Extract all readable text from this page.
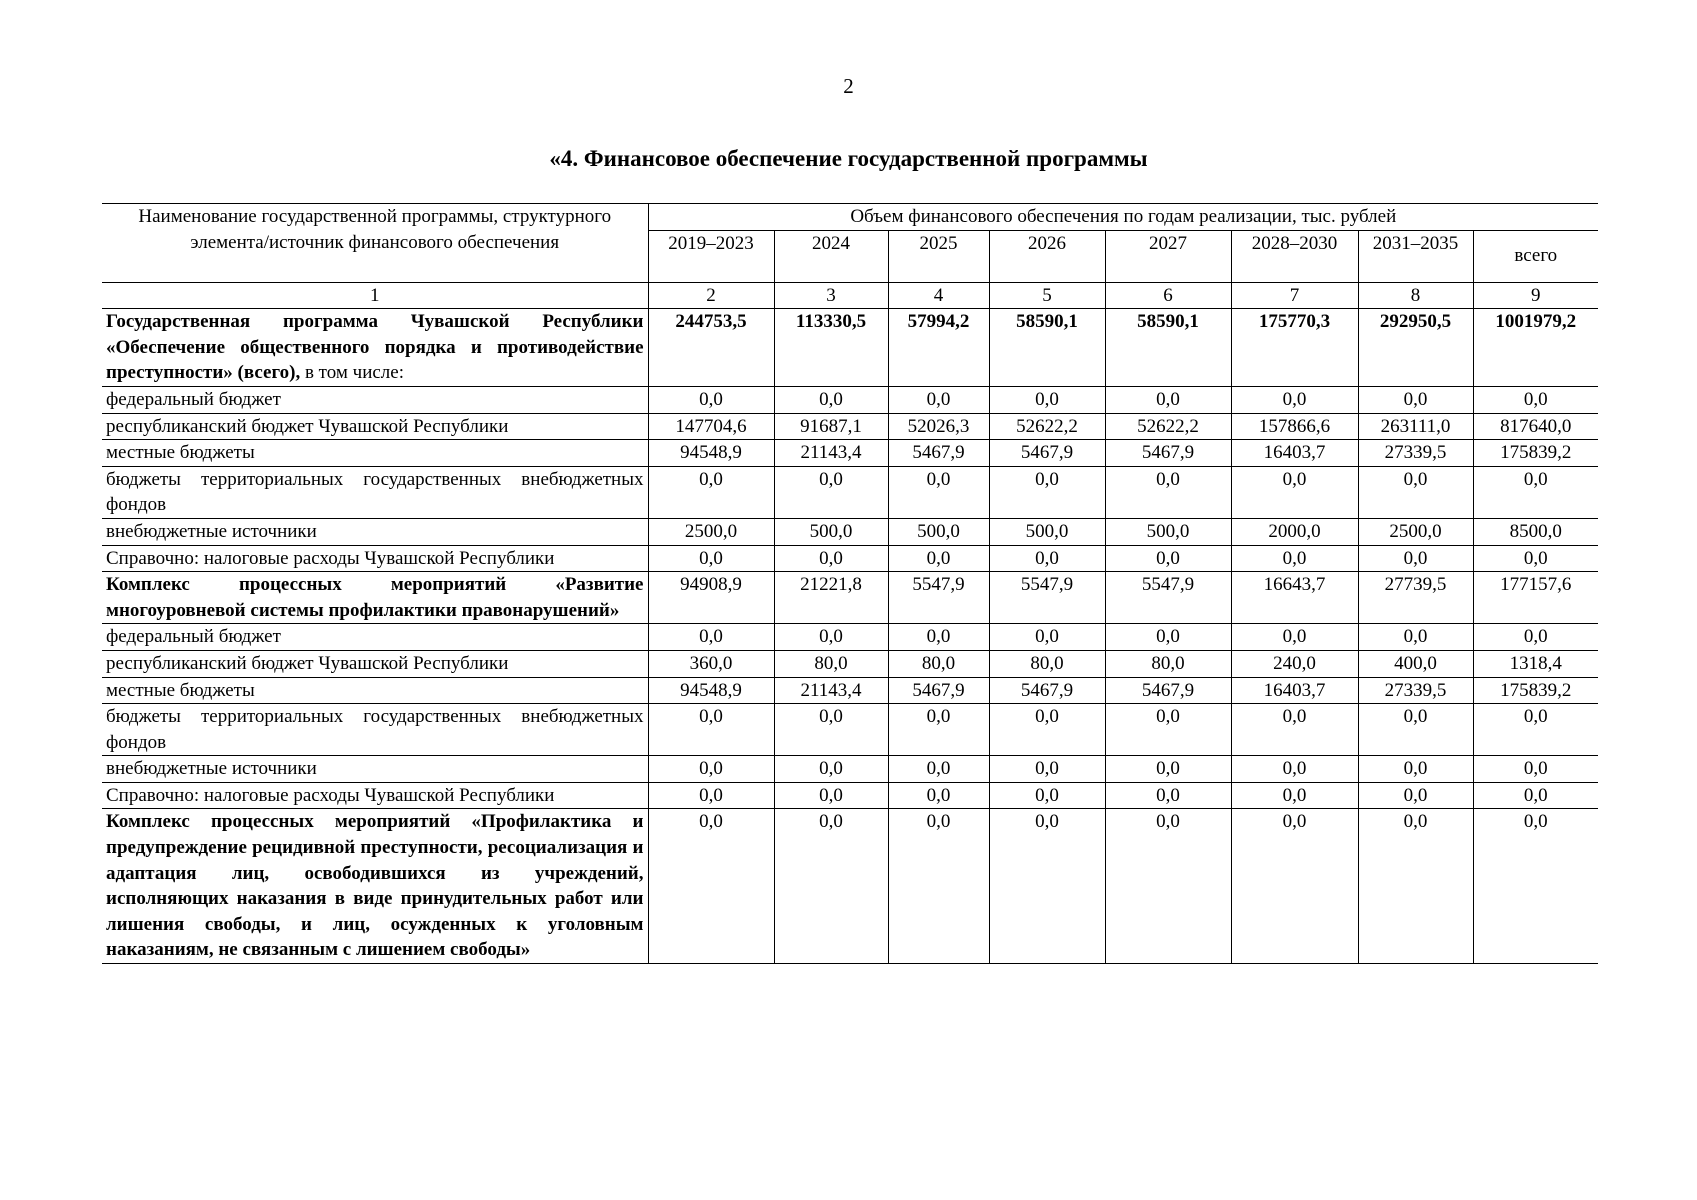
2
«4. Финансовое обеспечение государственной программы
Наименование государственной программы, структурного элемента/источник финансового обеспечения	Объем финансового обеспечения по годам реализации, тыс. рублей							
	2019–2023	2024	2025	2026	2027	2028–2030	2031–2035	всего
1	2	3	4	5	6	7	8	9
Государственная программа Чувашской Республики «Обеспечение общественного порядка и противодействие преступности» (всего), в том числе:	244753,5	113330,5	57994,2	58590,1	58590,1	175770,3	292950,5	1001979,2
федеральный бюджет	0,0	0,0	0,0	0,0	0,0	0,0	0,0	0,0
республиканский бюджет Чувашской Республики	147704,6	91687,1	52026,3	52622,2	52622,2	157866,6	263111,0	817640,0
местные бюджеты	94548,9	21143,4	5467,9	5467,9	5467,9	16403,7	27339,5	175839,2
бюджеты территориальных государственных внебюджетных фондов	0,0	0,0	0,0	0,0	0,0	0,0	0,0	0,0
внебюджетные источники	2500,0	500,0	500,0	500,0	500,0	2000,0	2500,0	8500,0
Справочно: налоговые расходы Чувашской Республики	0,0	0,0	0,0	0,0	0,0	0,0	0,0	0,0
Комплекс процессных мероприятий «Развитие многоуровневой системы профилактики правонарушений»	94908,9	21221,8	5547,9	5547,9	5547,9	16643,7	27739,5	177157,6
федеральный бюджет	0,0	0,0	0,0	0,0	0,0	0,0	0,0	0,0
республиканский бюджет Чувашской Республики	360,0	80,0	80,0	80,0	80,0	240,0	400,0	1318,4
местные бюджеты	94548,9	21143,4	5467,9	5467,9	5467,9	16403,7	27339,5	175839,2
бюджеты территориальных государственных внебюджетных фондов	0,0	0,0	0,0	0,0	0,0	0,0	0,0	0,0
внебюджетные источники	0,0	0,0	0,0	0,0	0,0	0,0	0,0	0,0
Справочно: налоговые расходы Чувашской Республики	0,0	0,0	0,0	0,0	0,0	0,0	0,0	0,0
Комплекс процессных мероприятий «Профилактика и предупреждение рецидивной преступности, ресоциализация и адаптация лиц, освободившихся из учреждений, исполняющих наказания в виде принудительных работ или лишения свободы, и лиц, осужденных к уголовным наказаниям, не связанным с лишением свободы»	0,0	0,0	0,0	0,0	0,0	0,0	0,0	0,0
